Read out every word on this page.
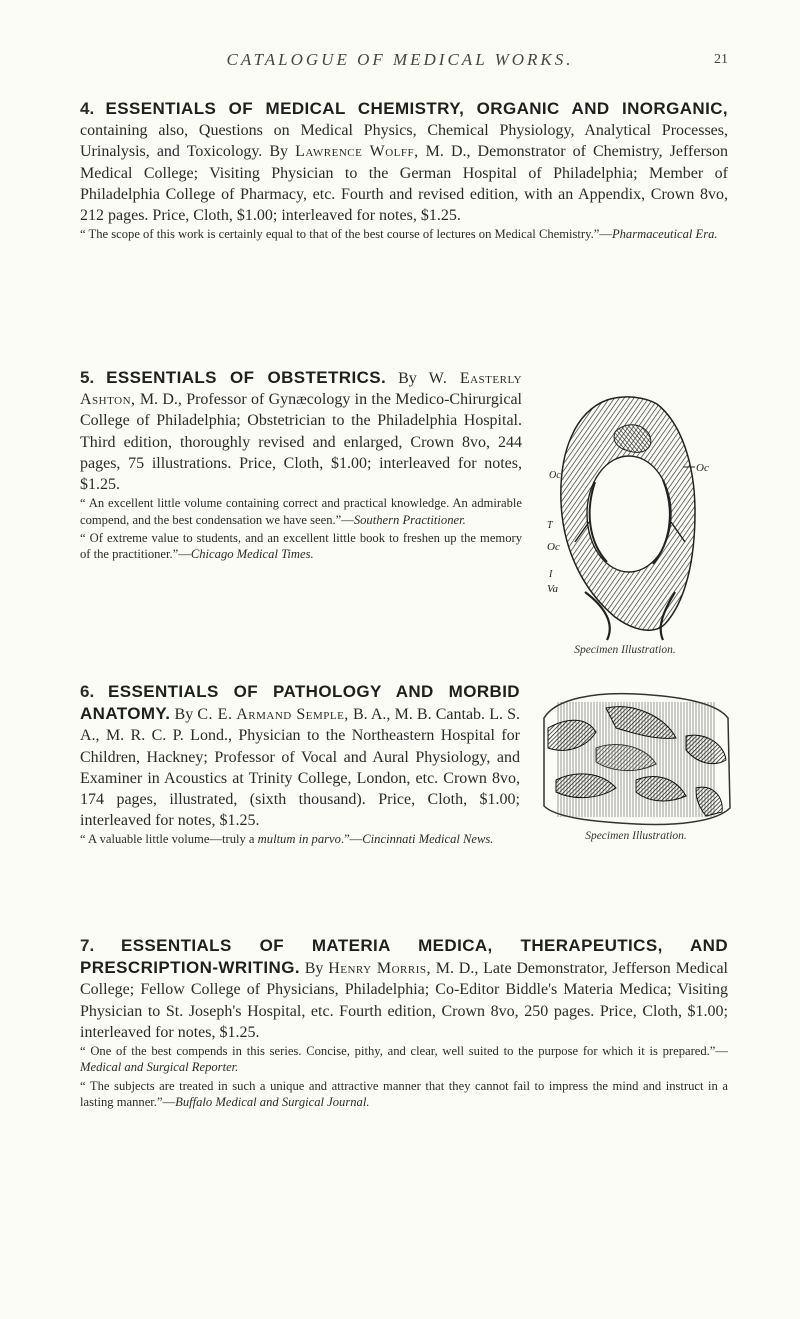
CATALOGUE OF MEDICAL WORKS.	21

4. ESSENTIALS OF MEDICAL CHEMISTRY, ORGANIC AND INORGANIC, containing also, Questions on Medical Physics, Chemical Physiology, Analytical Processes, Urinalysis, and Toxicology. By Lawrence Wolff, M. D., Demonstrator of Chemistry, Jefferson Medical College; Visiting Physician to the German Hospital of Philadelphia; Member of Philadelphia College of Pharmacy, etc. Fourth and revised edition, with an Appendix, Crown 8vo, 212 pages. Price, Cloth, $1.00; interleaved for notes, $1.25.

“ The scope of this work is certainly equal to that of the best course of lectures on Medical Chemistry.”—Pharmaceutical Era.

5. ESSENTIALS OF OBSTETRICS. By W. Easterly Ashton, M. D., Professor of Gynæcology in the Medico-Chirurgical College of Philadelphia; Obstetrician to the Philadelphia Hospital. Third edition, thoroughly revised and enlarged, Crown 8vo, 244 pages, 75 illustrations. Price, Cloth, $1.00; interleaved for notes, $1.25.

“ An excellent little volume containing correct and practical knowledge. An admirable compend, and the best condensation we have seen.”—Southern Practitioner.

“ Of extreme value to students, and an excellent little book to freshen up the memory of the practitioner.”—Chicago Medical Times.

Oc
Oc
Oc
Va
I
T
Specimen Illustration.

6. ESSENTIALS OF PATHOLOGY AND MORBID ANATOMY. By C. E. Armand Semple, B. A., M. B. Cantab. L. S. A., M. R. C. P. Lond., Physician to the Northeastern Hospital for Children, Hackney; Professor of Vocal and Aural Physiology, and Examiner in Acoustics at Trinity College, London, etc. Crown 8vo, 174 pages, illustrated, (sixth thousand). Price, Cloth, $1.00; interleaved for notes, $1.25.

“ A valuable little volume—truly a multum in parvo.”—Cincinnati Medical News.	Specimen Illustration.

7. ESSENTIALS OF MATERIA MEDICA, THERAPEUTICS, AND PRESCRIPTION-WRITING. By Henry Morris, M. D., Late Demonstrator, Jefferson Medical College; Fellow College of Physicians, Philadelphia; Co-Editor Biddle's Materia Medica; Visiting Physician to St. Joseph's Hospital, etc. Fourth edition, Crown 8vo, 250 pages. Price, Cloth, $1.00; interleaved for notes, $1.25.

“ One of the best compends in this series. Concise, pithy, and clear, well suited to the purpose for which it is prepared.”—Medical and Surgical Reporter.

“ The subjects are treated in such a unique and attractive manner that they cannot fail to impress the mind and instruct in a lasting manner.”—Buffalo Medical and Surgical Journal.
